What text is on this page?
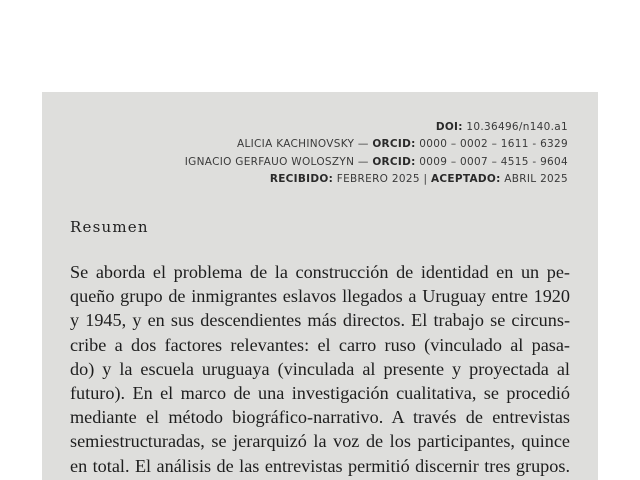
DOI: 10.36496/n140.a1
ALICIA KACHINOVSKY — ORCID: 0000 – 0002 – 1611 - 6329
IGNACIO GERFAUO WOLOSZYN — ORCID: 0009 – 0007 – 4515 - 9604
RECIBIDO: FEBRERO 2025 | ACEPTADO: ABRIL 2025
Resumen
Se aborda el problema de la construcción de identidad en un pe-
queño grupo de inmigrantes eslavos llegados a Uruguay entre 1920
y 1945, y en sus descendientes más directos. El trabajo se circuns-
cribe a dos factores relevantes: el carro ruso (vinculado al pasa-
do) y la escuela uruguaya (vinculada al presente y proyectada al
futuro). En el marco de una investigación cualitativa, se procedió
mediante el método biográfico-narrativo. A través de entrevistas
semiestructuradas, se jerarquizó la voz de los participantes, quince
en total. El análisis de las entrevistas permitió discernir tres grupos.
